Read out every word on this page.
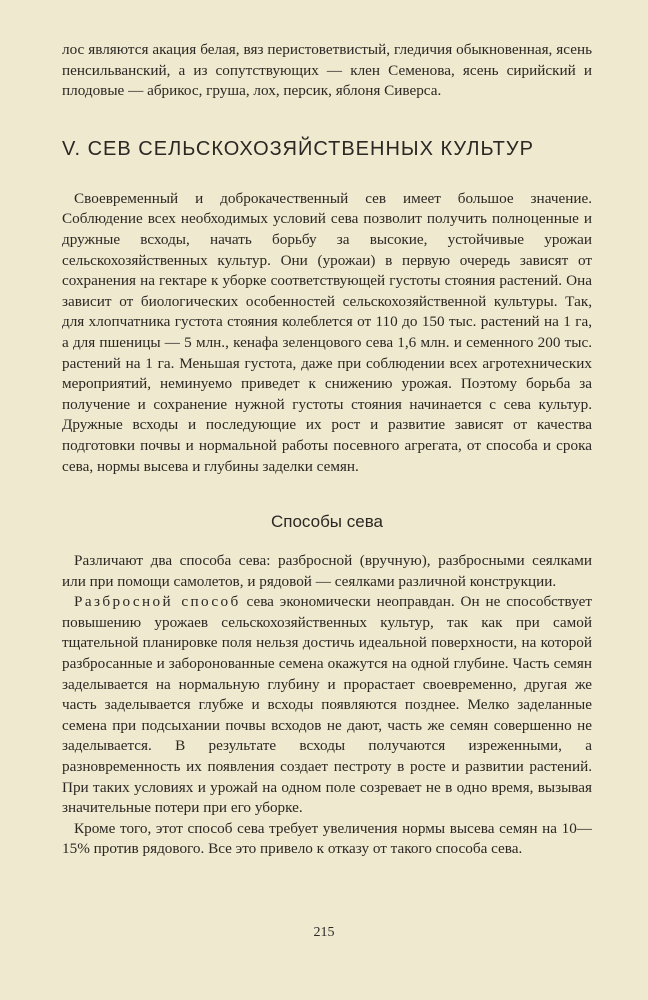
лос являются акация белая, вяз перистоветвистый, гледичия обыкновенная, ясень пенсильванский, а из сопутствующих — клен Семенова, ясень сирийский и плодовые — абрикос, груша, лох, персик, яблоня Сиверса.

V. СЕВ СЕЛЬСКОХОЗЯЙСТВЕННЫХ КУЛЬТУР

Своевременный и доброкачественный сев имеет большое значение. Соблюдение всех необходимых условий сева позволит получить полноценные и дружные всходы, начать борьбу за высокие, устойчивые урожаи сельскохозяйственных культур. Они (урожаи) в первую очередь зависят от сохранения на гектаре к уборке соответствующей густоты стояния растений. Она зависит от биологических особенностей сельскохозяйственной культуры. Так, для хлопчатника густота стояния колеблется от 110 до 150 тыс. растений на 1 га, а для пшеницы — 5 млн., кенафа зеленцового сева 1,6 млн. и семенного 200 тыс. растений на 1 га. Меньшая густота, даже при соблюдении всех агротехнических мероприятий, неминуемо приведет к снижению урожая. Поэтому борьба за получение и сохранение нужной густоты стояния начинается с сева культур. Дружные всходы и последующие их рост и развитие зависят от качества подготовки почвы и нормальной работы посевного агрегата, от способа и срока сева, нормы высева и глубины заделки семян.

Способы сева

Различают два способа сева: разбросной (вручную), разбросными сеялками или при помощи самолетов, и рядовой — сеялками различной конструкции.

Разбросной способ сева экономически неоправдан. Он не способствует повышению урожаев сельскохозяйственных культур, так как при самой тщательной планировке поля нельзя достичь идеальной поверхности, на которой разбросанные и заборонованные семена окажутся на одной глубине. Часть семян заделывается на нормальную глубину и прорастает своевременно, другая же часть заделывается глубже и всходы появляются позднее. Мелко заделанные семена при подсыхании почвы всходов не дают, часть же семян совершенно не заделывается. В результате всходы получаются изреженными, а разновременность их появления создает пестроту в росте и развитии растений. При таких условиях и урожай на одном поле созревает не в одно время, вызывая значительные потери при его уборке.

Кроме того, этот способ сева требует увеличения нормы высева семян на 10—15% против рядового. Все это привело к отказу от такого способа сева.

215
